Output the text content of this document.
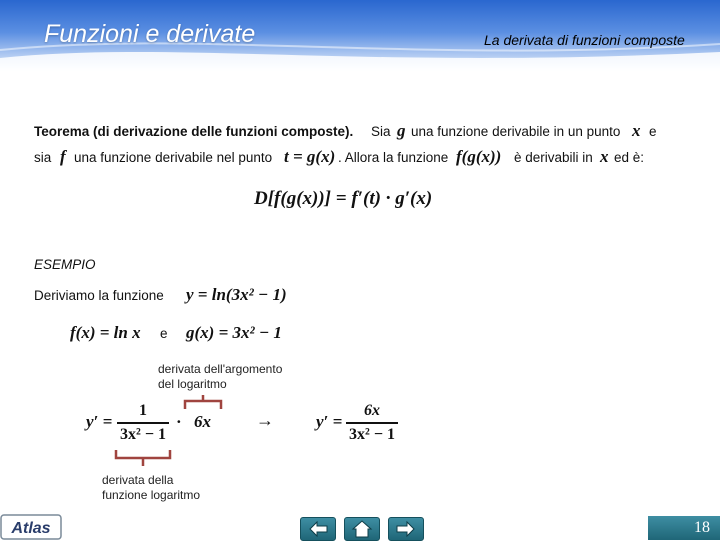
Funzioni e derivate	La derivata di funzioni composte
Teorema (di derivazione delle funzioni composte). Sia g una funzione derivabile in un punto x e
sia f una funzione derivabile nel punto t = g(x) . Allora la funzione f(g(x)) è derivabili in x ed è:
D[f(g(x))] = f′(t) · g′(x)
ESEMPIO
Deriviamo la funzione y = ln(3x² − 1)
f(x) = ln x e g(x) = 3x² − 1
derivata dell'argomento
del logaritmo
y′ =
1
3x² − 1
· 6x	→ y′ =
6x
3x² − 1
derivata della
funzione logaritmo
Atlas	18
